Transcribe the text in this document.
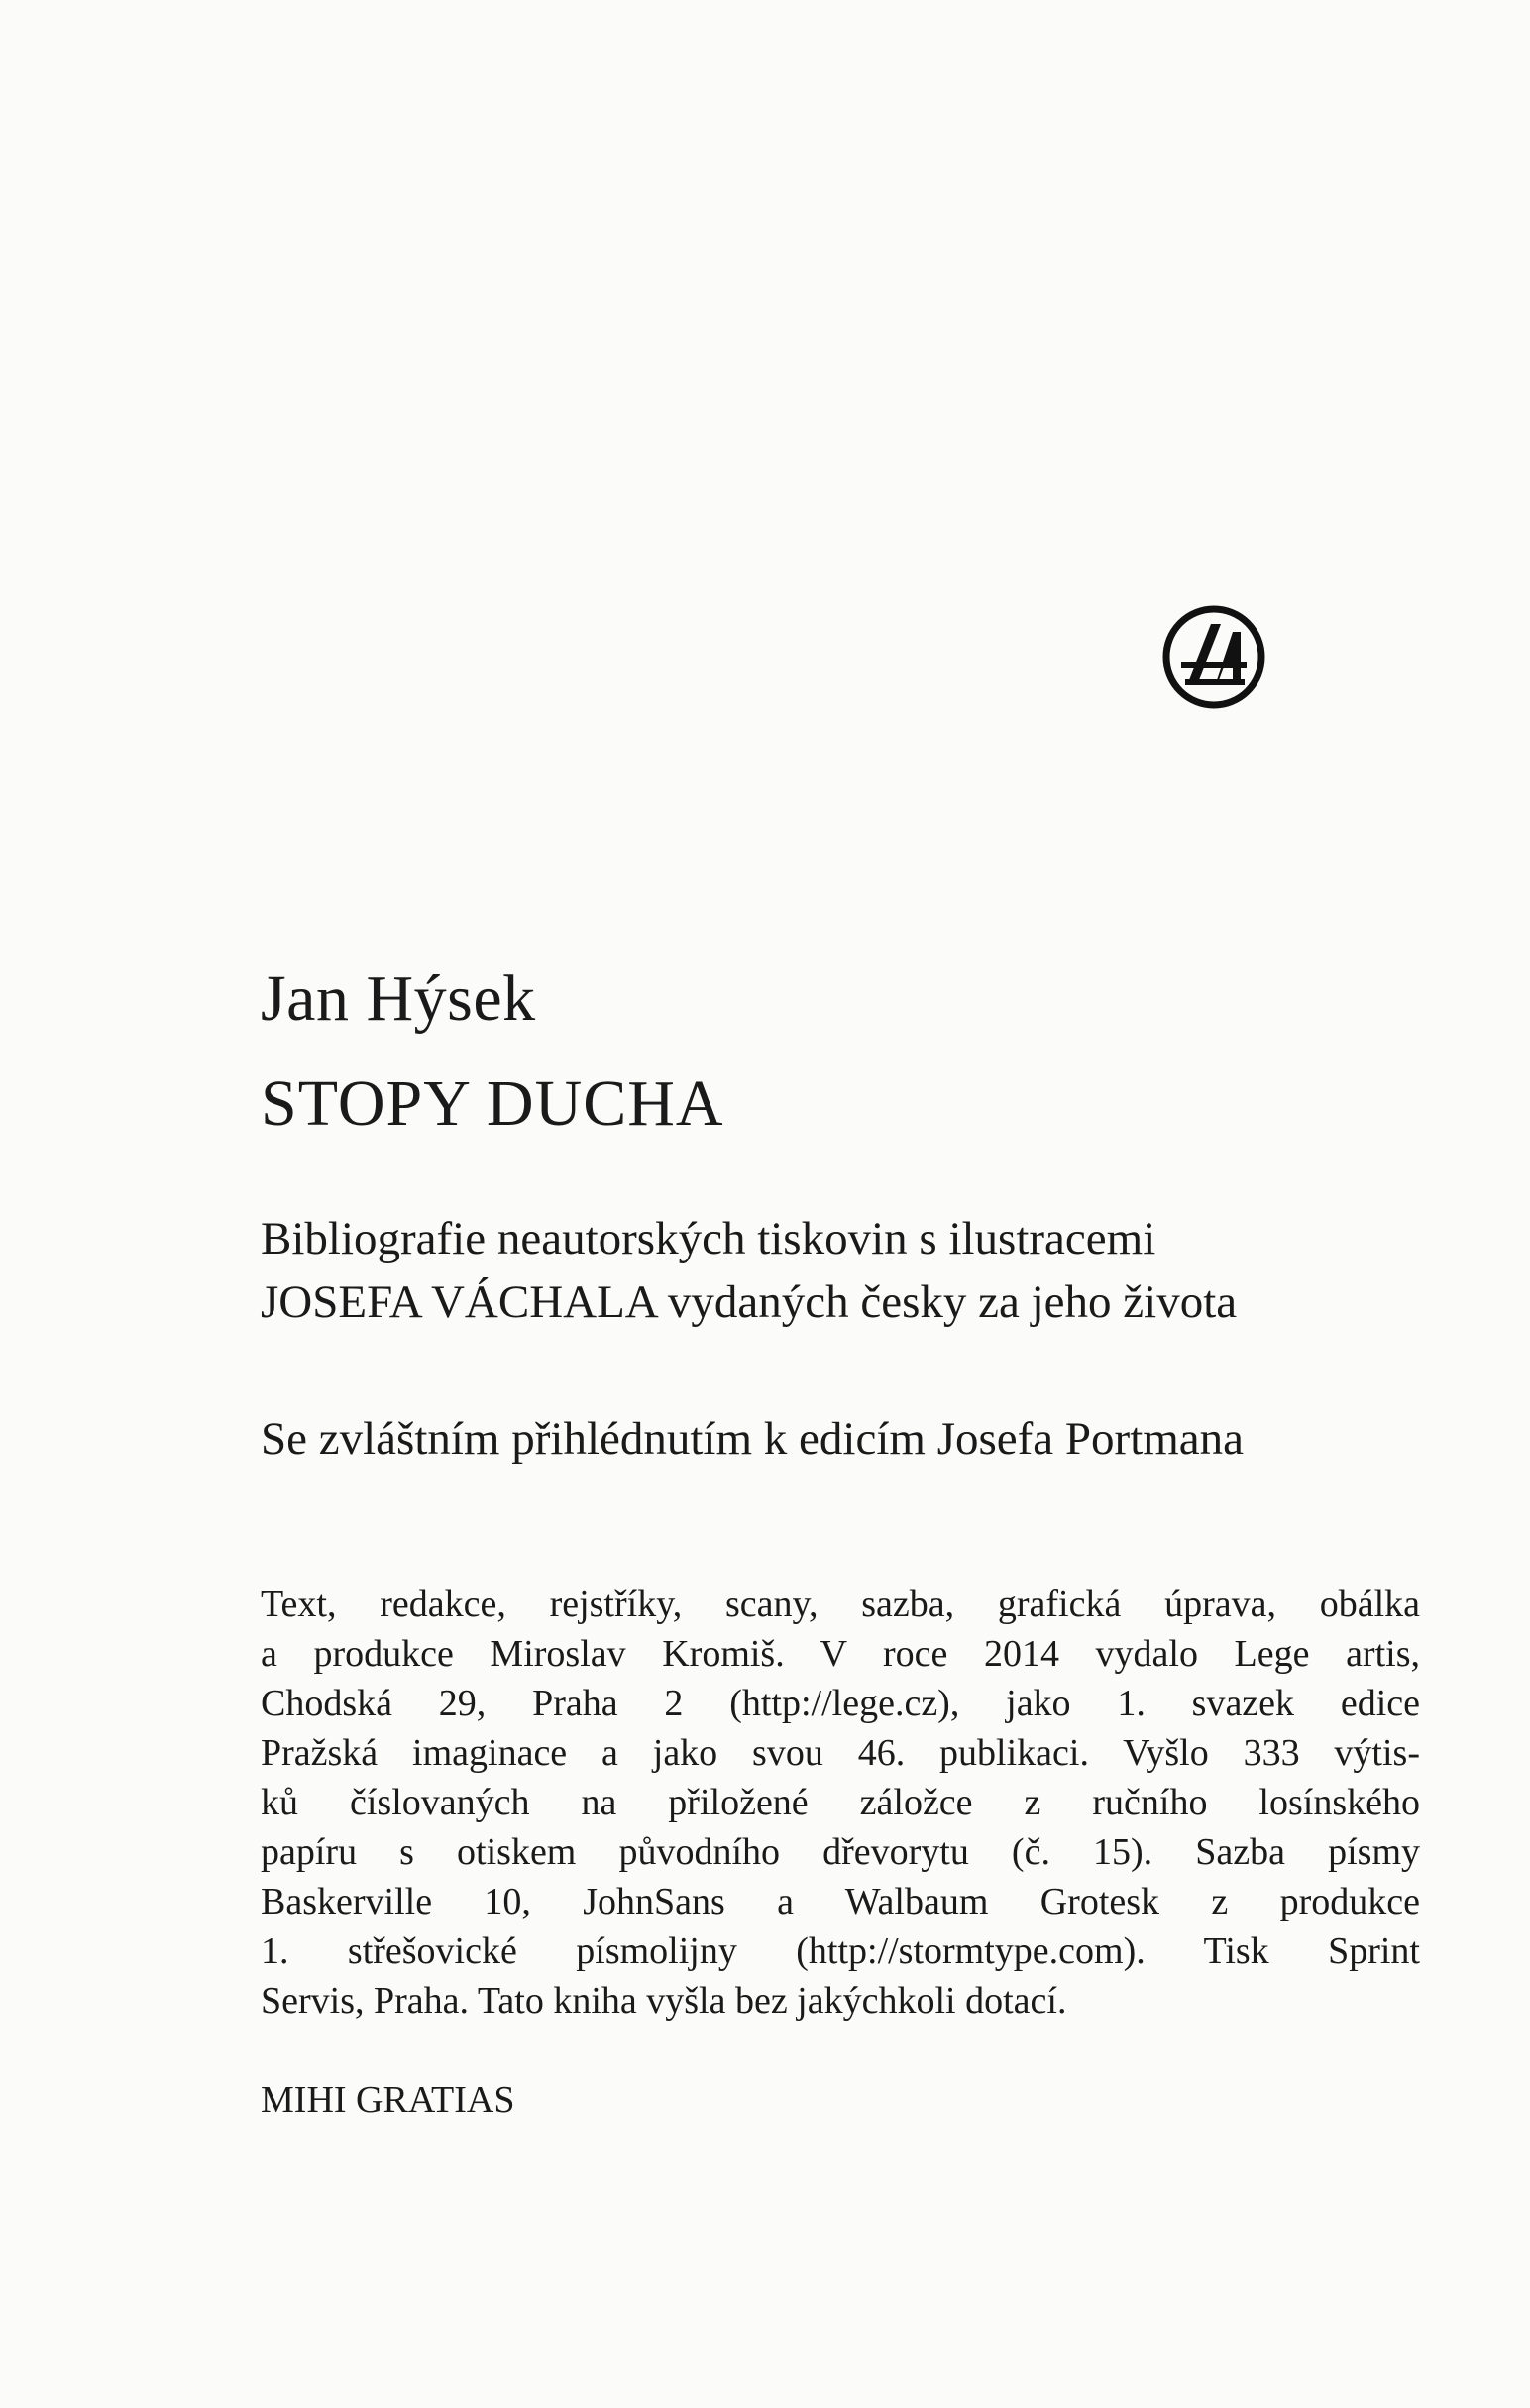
Jan Hýsek
STOPY DUCHA
Bibliografie neautorských tiskovin s ilustracemi
JOSEFA VÁCHALA vydaných česky za jeho života
Se zvláštním přihlédnutím k edicím Josefa Portmana
Text, redakce, rejstříky, scany, sazba, grafická úprava, obálka
a produkce Miroslav Kromiš. V roce 2014 vydalo Lege artis,
Chodská 29, Praha 2 (http://lege.cz), jako 1. svazek edice
Pražská imaginace a jako svou 46. publikaci. Vyšlo 333 výtis-
ků číslovaných na přiložené záložce z ručního losínského
papíru s otiskem původního dřevorytu (č. 15). Sazba písmy
Baskerville 10, JohnSans a Walbaum Grotesk z produkce
1. střešovické písmolijny (http://stormtype.com). Tisk Sprint
Servis, Praha. Tato kniha vyšla bez jakýchkoli dotací.
MIHI GRATIAS
